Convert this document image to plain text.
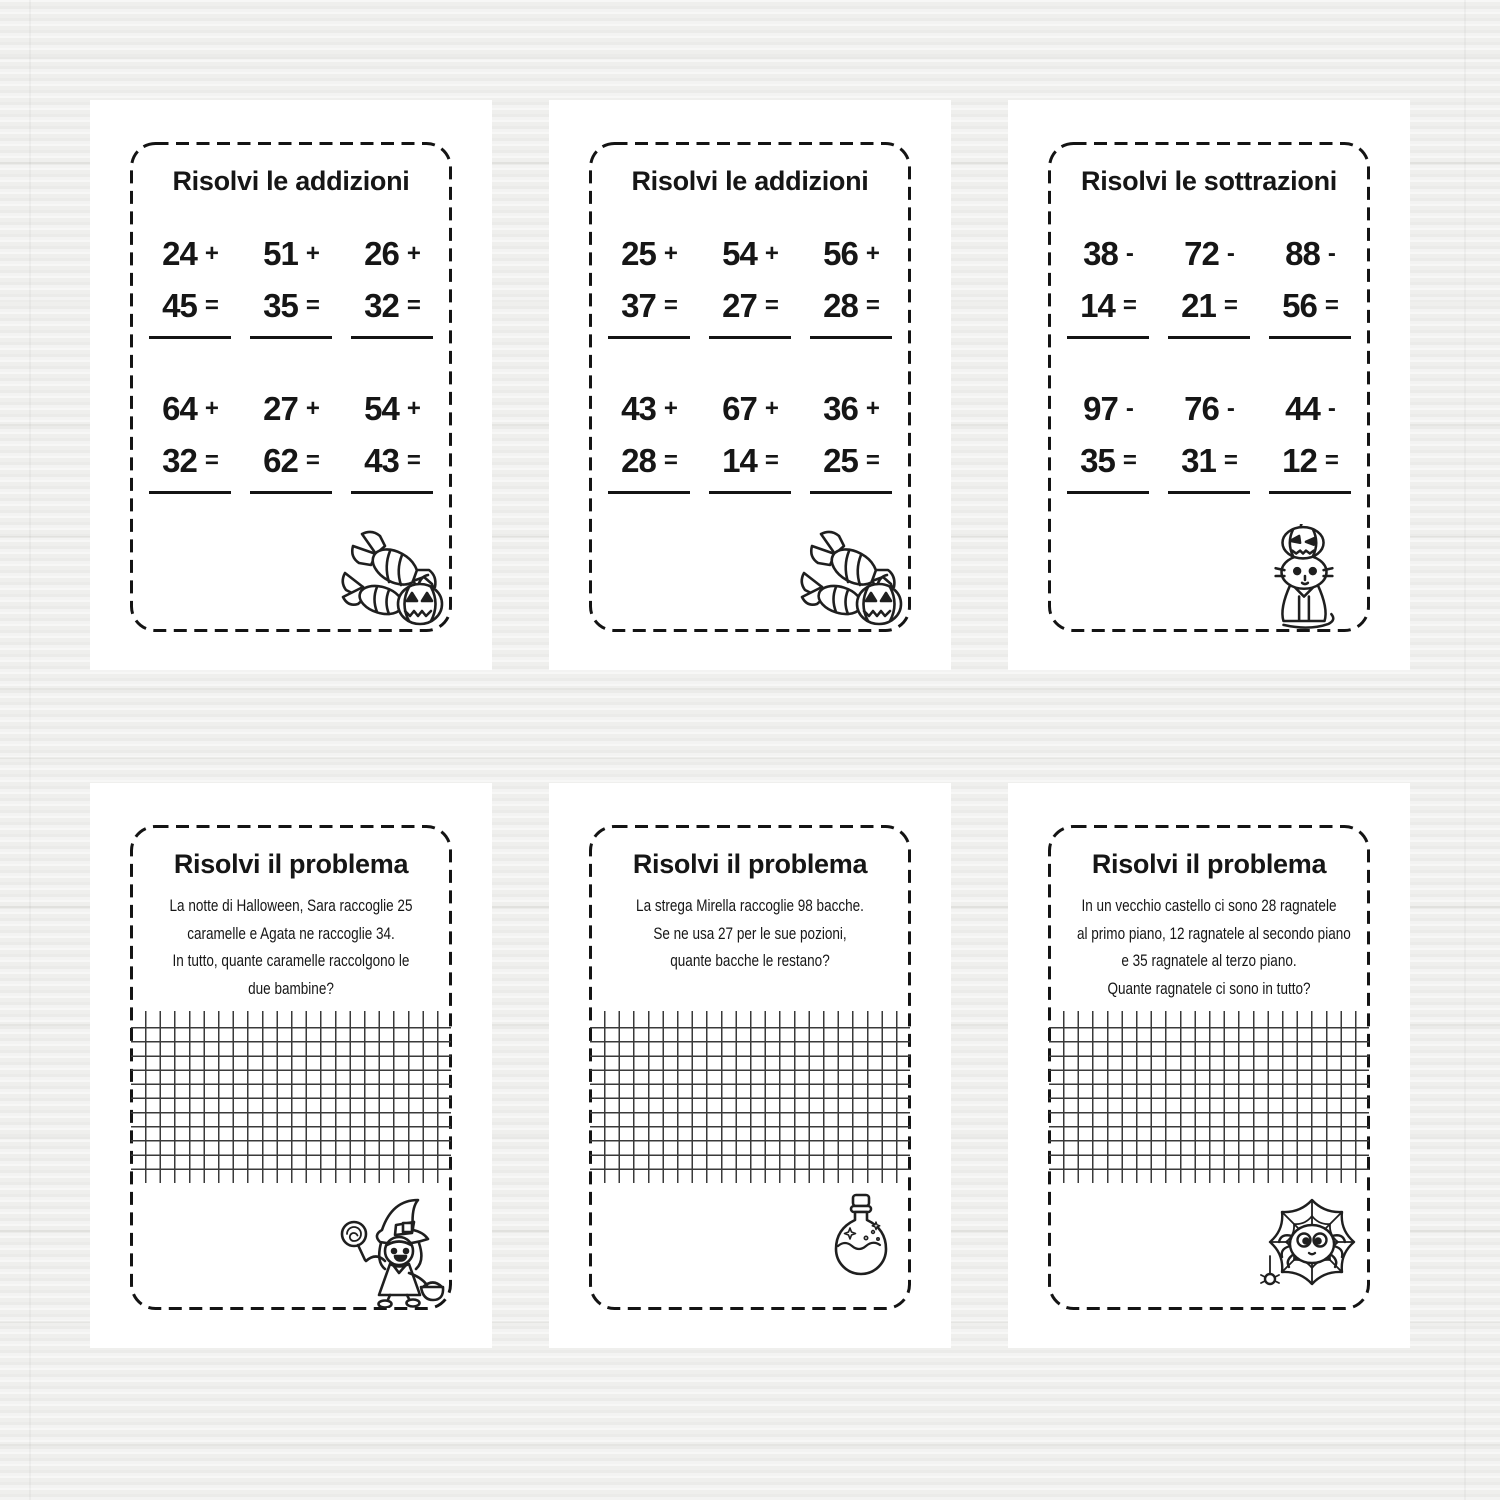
Risolvi le addizioni
24 +
45 =
51 +
35 =
26 +
32 =
64 +
32 =
27 +
62 =
54 +
43 =
Risolvi le addizioni
25 +
37 =
54 +
27 =
56 +
28 =
43 +
28 =
67 +
14 =
36 +
25 =
Risolvi le sottrazioni
38 -
14 =
72 -
21 =
88 -
56 =
97 -
35 =
76 -
31 =
44 -
12 =
Risolvi il problema
La notte di Halloween, Sara raccoglie 25
caramelle e Agata ne raccoglie 34.
In tutto, quante caramelle raccolgono le
due bambine?
Risolvi il problema
La strega Mirella raccoglie 98 bacche.
Se ne usa 27 per le sue pozioni,
quante bacche le restano?
Risolvi il problema
In un vecchio castello ci sono 28 ragnatele
al primo piano, 12 ragnatele al secondo piano
e 35 ragnatele al terzo piano.
Quante ragnatele ci sono in tutto?
